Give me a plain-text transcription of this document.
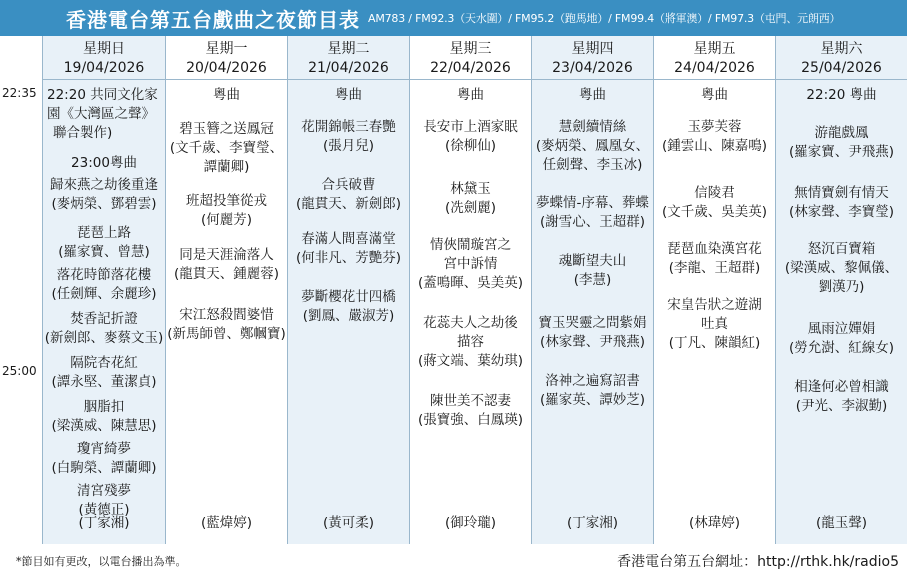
香港電台第五台戲曲之夜節目表 AM783 / FM92.3（天水圍）/ FM95.2（跑馬地）/ FM99.4（將軍澳）/ FM97.3（屯門、元朗西）
22:35
25:00
星期日
19/04/2026
22:20 共同文化家
園《大灣區之聲》
聯合製作)
23:00粵曲
歸來燕之劫後重逢
(麥炳榮、鄧碧雲)
琵琶上路
(羅家寶、曾慧)
落花時節落花樓
(任劍輝、余麗珍)
焚香記折證
(新劍郎、麥蔡文玉)
隔院杏花紅
(譚永堅、董潔貞)
胭脂扣
(梁漢威、陳慧思)
瓊宵綺夢
(白駒榮、譚蘭卿)
清宮殘夢
(黃德正)
(丁家湘)
星期一
20/04/2026
粵曲
碧玉簪之送鳳冠
(文千歲、李寶瑩、
譚蘭卿)
班超投筆從戎
(何麗芳)
同是天涯淪落人
(龍貫天、鍾麗蓉)
宋江怒殺閻婆惜
(新馬師曾、鄭幗寶)
(藍煒婷)
星期二
21/04/2026
粵曲
花開錦帳三春艷
(張月兒)
合兵破曹
(龍貫天、新劍郎)
春滿人間喜滿堂
(何非凡、芳艷芬)
夢斷櫻花廿四橋
(劉鳳、嚴淑芳)
(黃可柔)
星期三
22/04/2026
粵曲
長安市上酒家眠
(徐柳仙)
林黛玉
(冼劍麗)
情俠鬧璇宮之
宮中訴情
(蓋鳴暉、吳美英)
花蕊夫人之劫後
描容
(蔣文端、葉幼琪)
陳世美不認妻
(張寶強、白鳳瑛)
(御玲瓏)
星期四
23/04/2026
粵曲
慧劍續情絲
(麥炳榮、鳳凰女、
任劍聲、李玉冰)
夢蝶情-序幕、葬蝶
(謝雪心、王超群)
魂斷望夫山
(李慧)
寶玉哭靈之問紫娟
(林家聲、尹飛燕)
洛神之遍寫詔書
(羅家英、譚妙芝)
(丁家湘)
星期五
24/04/2026
粵曲
玉夢芙蓉
(鍾雲山、陳嘉鳴)
信陵君
(文千歲、吳美英)
琵琶血染漢宮花
(李龍、王超群)
宋皇告狀之遊湖
吐真
(丁凡、陳韻紅)
(林瑋婷)
星期六
25/04/2026
22:20 粵曲
游龍戲鳳
(羅家寶、尹飛燕)
無情寶劍有情天
(林家聲、李寶瑩)
怒沉百寶箱
(梁漢威、黎佩儀、
劉漢乃)
風雨泣嬋娟
(勞允澍、紅線女)
相逢何必曾相識
(尹光、李淑勤)
(龍玉聲)
*節目如有更改，以電台播出為準。	香港電台第五台網址：http://rthk.hk/radio5
